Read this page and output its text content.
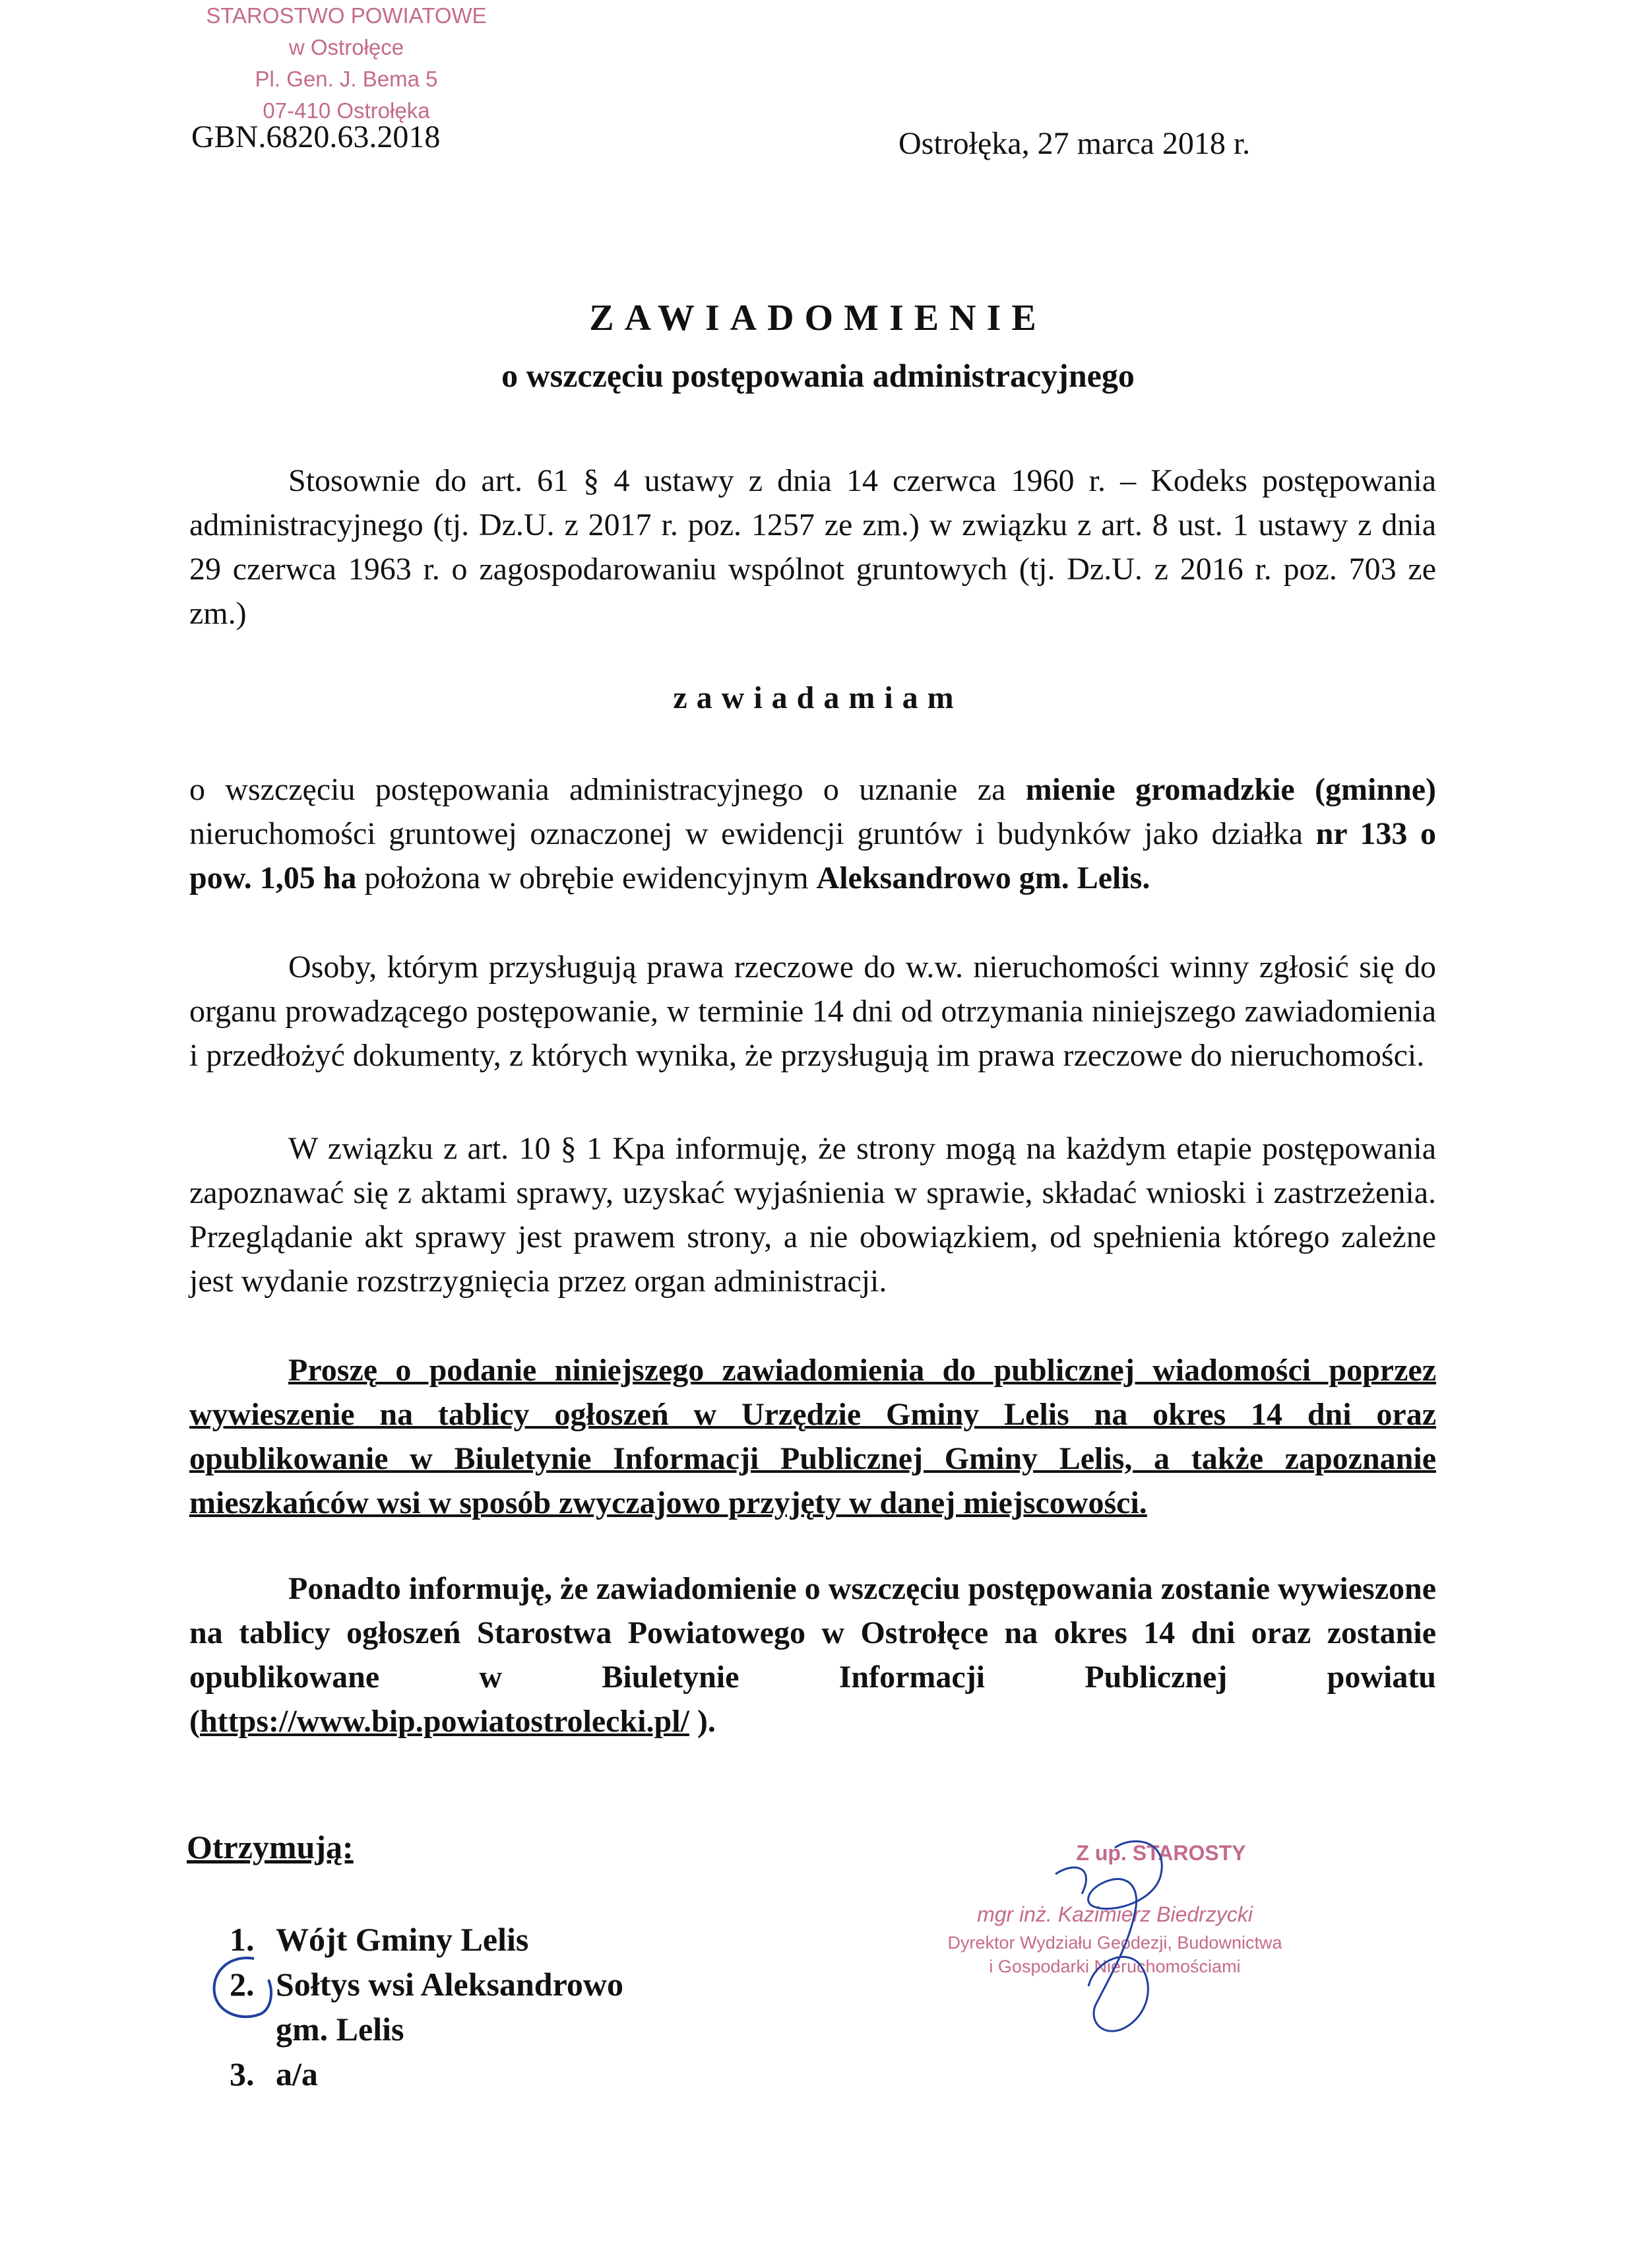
STAROSTWO POWIATOWE
w Ostrołęce
Pl. Gen. J. Bema 5
07-410 Ostrołęka
GBN.6820.63.2018	Ostrołęka, 27 marca 2018 r.
ZAWIADOMIENIE
o wszczęciu postępowania administracyjnego
Stosownie do art. 61 § 4 ustawy z dnia 14 czerwca 1960 r. – Kodeks postępowania administracyjnego (tj. Dz.U. z 2017 r. poz. 1257 ze zm.) w związku z art. 8 ust. 1 ustawy z dnia 29 czerwca 1963 r. o zagospodarowaniu wspólnot gruntowych (tj. Dz.U. z 2016 r. poz. 703 ze zm.)
zawiadamiam
o wszczęciu postępowania administracyjnego o uznanie za mienie gromadzkie (gminne) nieruchomości gruntowej oznaczonej w ewidencji gruntów i budynków jako działka nr 133 o pow. 1,05 ha położona w obrębie ewidencyjnym Aleksandrowo gm. Lelis.
Osoby, którym przysługują prawa rzeczowe do w.w. nieruchomości winny zgłosić się do organu prowadzącego postępowanie, w terminie 14 dni od otrzymania niniejszego zawiadomienia i przedłożyć dokumenty, z których wynika, że przysługują im prawa rzeczowe do nieruchomości.
W związku z art. 10 § 1 Kpa informuję, że strony mogą na każdym etapie postępowania zapoznawać się z aktami sprawy, uzyskać wyjaśnienia w sprawie, składać wnioski i zastrzeżenia. Przeglądanie akt sprawy jest prawem strony, a nie obowiązkiem, od spełnienia którego zależne jest wydanie rozstrzygnięcia przez organ administracji.
Proszę o podanie niniejszego zawiadomienia do publicznej wiadomości poprzez wywieszenie na tablicy ogłoszeń w Urzędzie Gminy Lelis na okres 14 dni oraz opublikowanie w Biuletynie Informacji Publicznej Gminy Lelis, a także zapoznanie mieszkańców wsi w sposób zwyczajowo przyjęty w danej miejscowości.
Ponadto informuję, że zawiadomienie o wszczęciu postępowania zostanie wywieszone na tablicy ogłoszeń Starostwa Powiatowego w Ostrołęce na okres 14 dni oraz zostanie opublikowane w Biuletynie Informacji Publicznej powiatu (https://www.bip.powiatostrolecki.pl/ ).
Otrzymują:
1. Wójt Gminy Lelis
2. Sołtys wsi Aleksandrowo
gm. Lelis
3. a/a
Z up. STAROSTY
mgr inż. Kazimierz Biedrzycki
Dyrektor Wydziału Geodezji, Budownictwa
i Gospodarki Nieruchomościami
